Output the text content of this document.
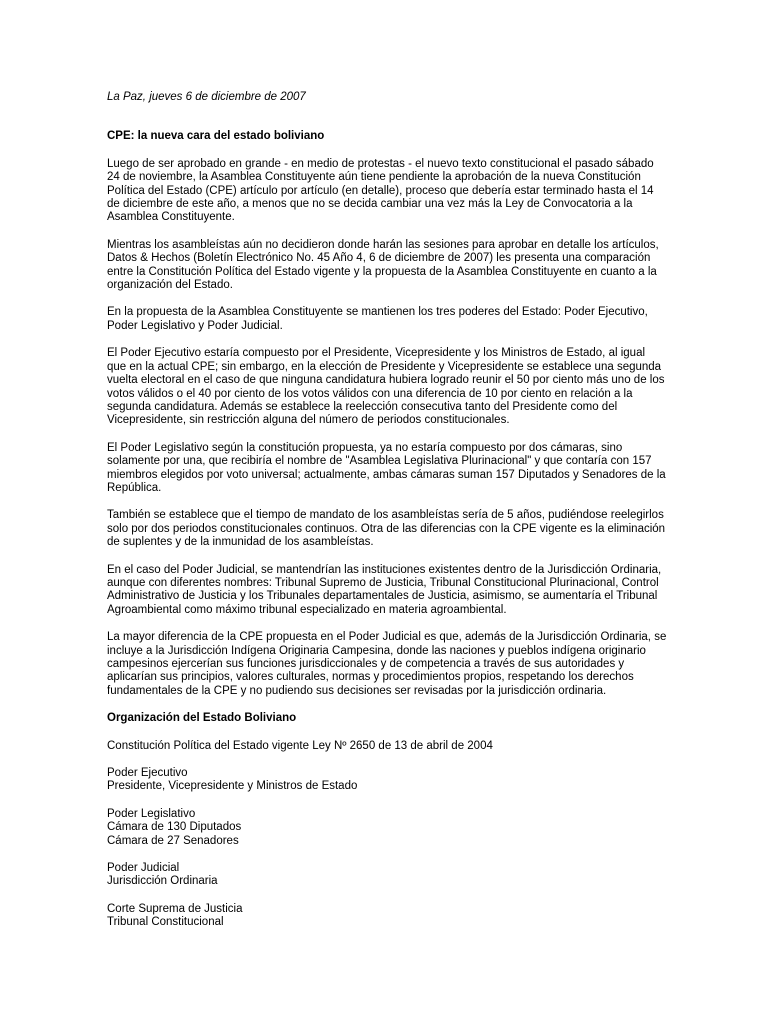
La Paz, jueves 6 de diciembre de 2007

CPE: la nueva cara del estado boliviano

Luego de ser aprobado en grande - en medio de protestas - el nuevo texto constitucional el pasado sábado 24 de noviembre, la Asamblea Constituyente aún tiene pendiente la aprobación de la nueva Constitución Política del Estado (CPE) artículo por artículo (en detalle), proceso que debería estar terminado hasta el 14 de diciembre de este año, a menos que no se decida cambiar una vez más la Ley de Convocatoria a la Asamblea Constituyente.

Mientras los asambleístas aún no decidieron donde harán las sesiones para aprobar en detalle los artículos, Datos & Hechos (Boletín Electrónico No. 45 Año 4, 6 de diciembre de 2007) les presenta una comparación entre la Constitución Política del Estado vigente y la propuesta de la Asamblea Constituyente en cuanto a la organización del Estado.

En la propuesta de la Asamblea Constituyente se mantienen los tres poderes del Estado: Poder Ejecutivo, Poder Legislativo y Poder Judicial.

El Poder Ejecutivo estaría compuesto por el Presidente, Vicepresidente y los Ministros de Estado, al igual que en la actual CPE; sin embargo, en la elección de Presidente y Vicepresidente se establece una segunda vuelta electoral en el caso de que ninguna candidatura hubiera logrado reunir el 50 por ciento más uno de los votos válidos o el 40 por ciento de los votos válidos con una diferencia de 10 por ciento en relación a la segunda candidatura. Además se establece la reelección consecutiva tanto del Presidente como del Vicepresidente, sin restricción alguna del número de periodos constitucionales.

El Poder Legislativo según la constitución propuesta, ya no estaría compuesto por dos cámaras, sino solamente por una, que recibiría el nombre de "Asamblea Legislativa Plurinacional" y que contaría con 157 miembros elegidos por voto universal; actualmente, ambas cámaras suman 157 Diputados y Senadores de la República.

También se establece que el tiempo de mandato de los asambleístas sería de 5 años, pudiéndose reelegirlos solo por dos periodos constitucionales continuos. Otra de las diferencias con la CPE vigente es la eliminación de suplentes y de la inmunidad de los asambleístas.

En el caso del Poder Judicial, se mantendrían las instituciones existentes dentro de la Jurisdicción Ordinaria, aunque con diferentes nombres: Tribunal Supremo de Justicia, Tribunal Constitucional Plurinacional, Control Administrativo de Justicia y los Tribunales departamentales de Justicia, asimismo, se aumentaría el Tribunal Agroambiental como máximo tribunal especializado en materia agroambiental.

La mayor diferencia de la CPE propuesta en el Poder Judicial es que, además de la Jurisdicción Ordinaria, se incluye a la Jurisdicción Indígena Originaria Campesina, donde las naciones y pueblos indígena originario campesinos ejercerían sus funciones jurisdiccionales y de competencia a través de sus autoridades y aplicarían sus principios, valores culturales, normas y procedimientos propios, respetando los derechos fundamentales de la CPE y no pudiendo sus decisiones ser revisadas por la jurisdicción ordinaria.

Organización del Estado Boliviano

Constitución Política del Estado vigente Ley Nº 2650 de 13 de abril de 2004

Poder Ejecutivo
Presidente, Vicepresidente y Ministros de Estado
Poder Legislativo
Cámara de 130 Diputados
Cámara de 27 Senadores
Poder Judicial
Jurisdicción Ordinaria
Corte Suprema de Justicia
Tribunal Constitucional
